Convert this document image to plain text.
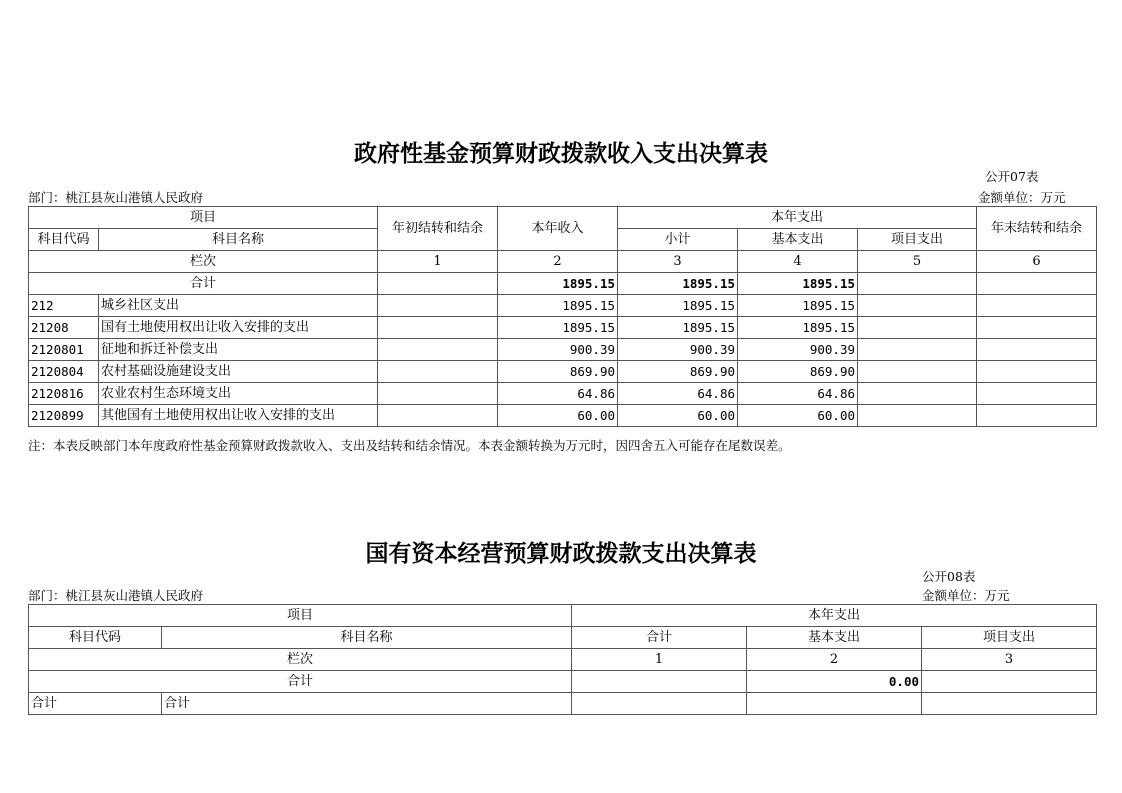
政府性基金预算财政拨款收入支出决算表
公开07表
部门：桃江县灰山港镇人民政府	金额单位：万元
项目		年初结转和结余	本年收入	本年支出			年末结转和结余
科目代码	科目名称			小计	基本支出	项目支出	
栏次		1	2	3	4	5	6
合计			1895.15	1895.15	1895.15		
212	城乡社区支出		1895.15	1895.15	1895.15		
21208	国有土地使用权出让收入安排的支出		1895.15	1895.15	1895.15		
2120801	征地和拆迁补偿支出		900.39	900.39	900.39		
2120804	农村基础设施建设支出		869.90	869.90	869.90		
2120816	农业农村生态环境支出		64.86	64.86	64.86		
2120899	其他国有土地使用权出让收入安排的支出		60.00	60.00	60.00		
注：本表反映部门本年度政府性基金预算财政拨款收入、支出及结转和结余情况。本表金额转换为万元时，因四舍五入可能存在尾数误差。
国有资本经营预算财政拨款支出决算表
公开08表
部门：桃江县灰山港镇人民政府	金额单位：万元
项目		本年支出		
科目代码	科目名称	合计	基本支出	项目支出
栏次		1	2	3
合计			0.00	
合计	合计			
